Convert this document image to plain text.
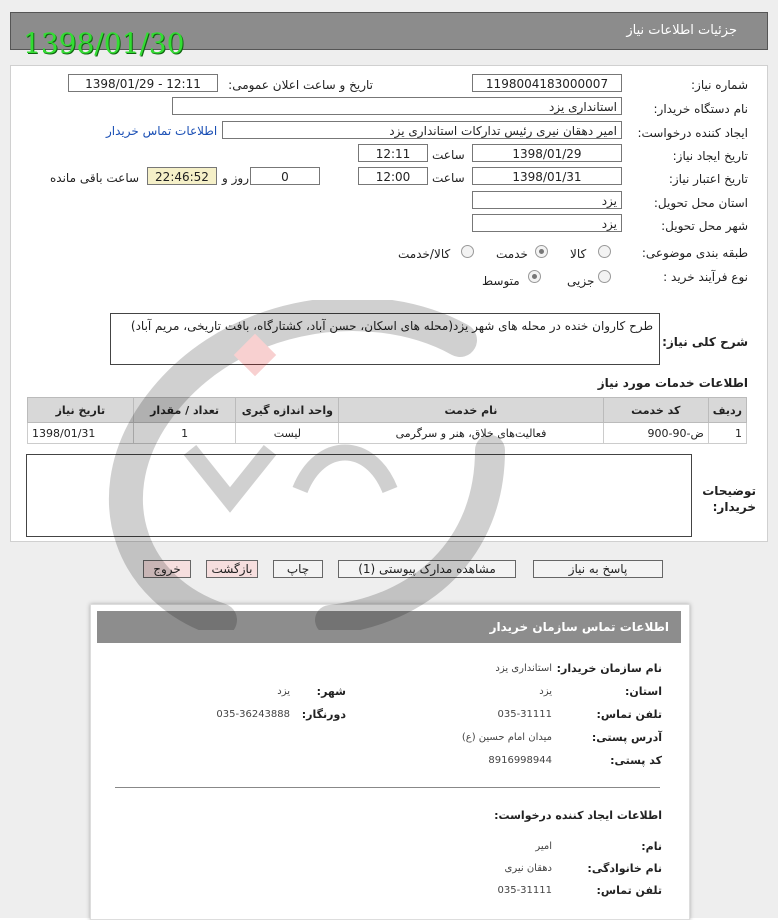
1398/01/30	جزئیات اطلاعات نیاز
شماره نیاز:
1198004183000007
تاریخ و ساعت اعلان عمومی:
1398/01/29 - 12:11
نام دستگاه خریدار:
استانداری یزد
ایجاد کننده درخواست:
امیر دهقان نیری رئیس تدارکات استانداری یزد
اطلاعات تماس خریدار
تاریخ ایجاد نیاز:
1398/01/29
ساعت
12:11
تاریخ اعتبار نیاز:
1398/01/31
ساعت
12:00
0
روز و
22:46:52
ساعت باقی مانده
استان محل تحویل:
یزد
شهر محل تحویل:
یزد
طبقه بندی موضوعی:
کالا
خدمت
کالا/خدمت
نوع فرآیند خرید :
جزیی
متوسط
شرح کلی نیاز:
طرح کاروان خنده در محله های شهر یزد(محله های اسکان، حسن آباد، کشتارگاه، بافت تاریخی، مریم آباد)
اطلاعات خدمات مورد نیاز
ردیف	کد خدمت	نام خدمت	واحد اندازه گیری	تعداد / مقدار	تاریخ نیاز
1	ض-90-900	فعالیت‌های خلاق، هنر و سرگرمی	لیست	1	1398/01/31
توضیحات خریدار:
پاسخ به نیاز
مشاهده مدارک پیوستی (1)
چاپ
بازگشت
خروج
اطلاعات تماس سازمان خریدار
نام سازمان خریدار:
استانداری یزد
استان:
یزد
شهر:
یزد
تلفن تماس:
035-31111
دورنگار:
035-36243888
آدرس پستی:
میدان امام حسین (ع)
کد پستی:
8916998944
اطلاعات ایجاد کننده درخواست:
نام:
امیر
نام خانوادگی:
دهقان نیری
تلفن تماس:
035-31111
